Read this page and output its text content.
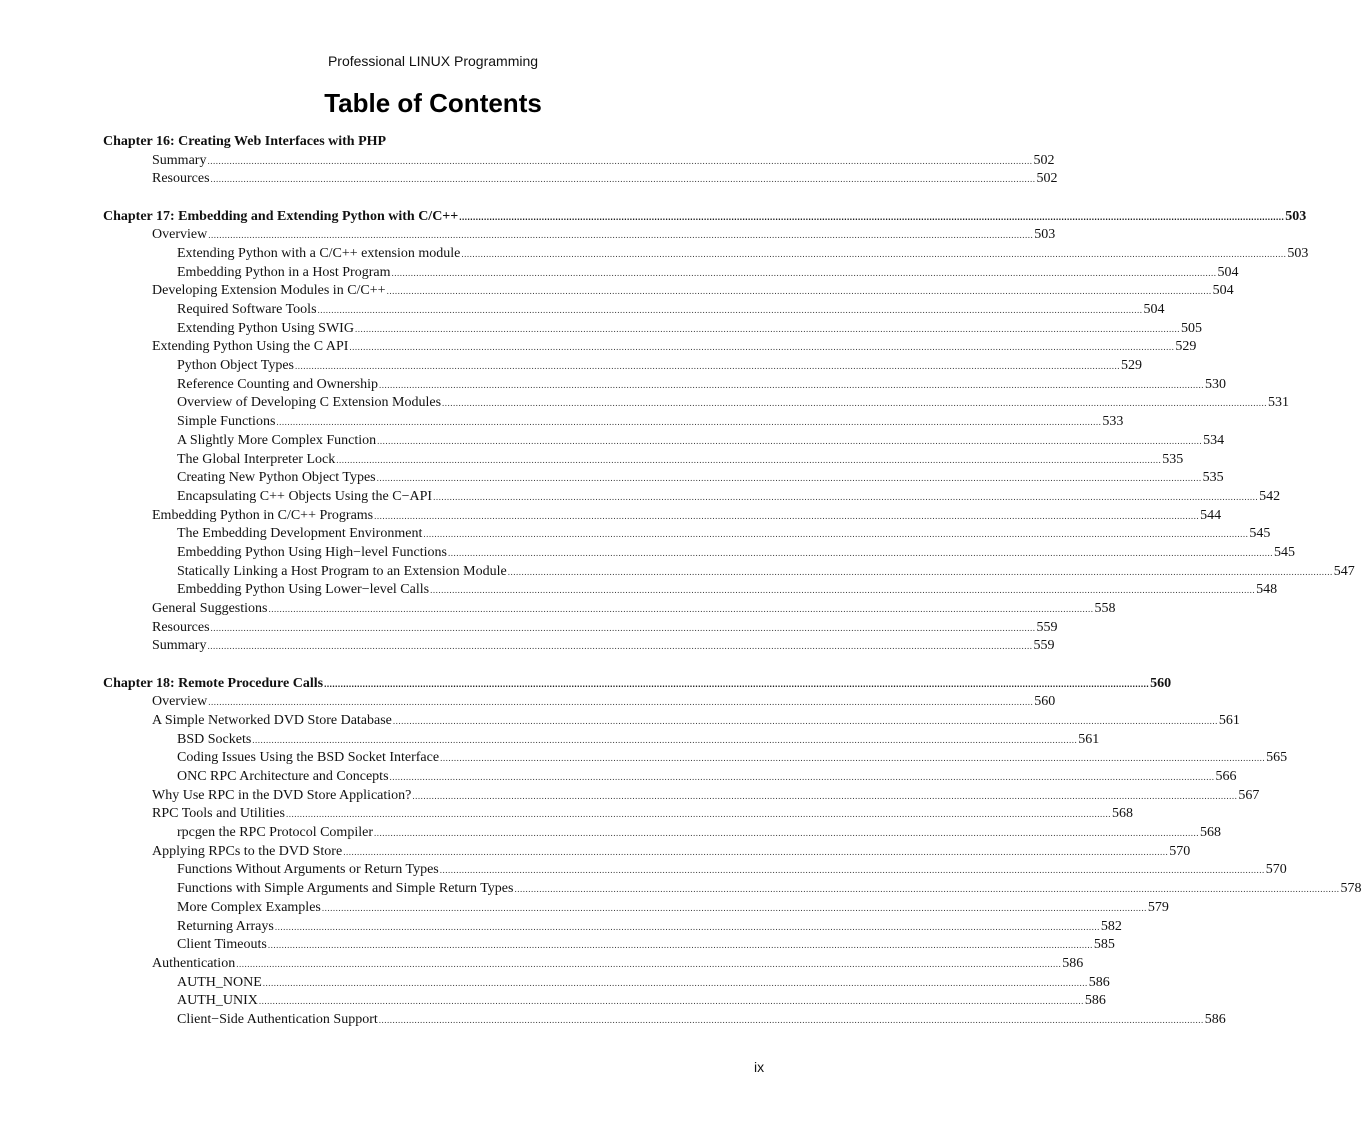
Professional LINUX Programming
Table of Contents
Chapter 16: Creating Web Interfaces with PHP
Summary ............................................................................................................................................................................................................................................................................................................ 502
Resources ............................................................................................................................................................................................................................................................................................................ 502
Chapter 17: Embedding and Extending Python with C/C++ ............................................................................................................................................................................................................................................................................................................ 503
Overview ............................................................................................................................................................................................................................................................................................................ 503
Extending Python with a C/C++ extension module ............................................................................................................................................................................................................................................................................................................ 503
Embedding Python in a Host Program ............................................................................................................................................................................................................................................................................................................ 504
Developing Extension Modules in C/C++ ............................................................................................................................................................................................................................................................................................................ 504
Required Software Tools ............................................................................................................................................................................................................................................................................................................ 504
Extending Python Using SWIG ............................................................................................................................................................................................................................................................................................................ 505
Extending Python Using the C API ............................................................................................................................................................................................................................................................................................................ 529
Python Object Types ............................................................................................................................................................................................................................................................................................................ 529
Reference Counting and Ownership ............................................................................................................................................................................................................................................................................................................ 530
Overview of Developing C Extension Modules ............................................................................................................................................................................................................................................................................................................ 531
Simple Functions ............................................................................................................................................................................................................................................................................................................ 533
A Slightly More Complex Function ............................................................................................................................................................................................................................................................................................................ 534
The Global Interpreter Lock ............................................................................................................................................................................................................................................................................................................ 535
Creating New Python Object Types ............................................................................................................................................................................................................................................................................................................ 535
Encapsulating C++ Objects Using the C−API ............................................................................................................................................................................................................................................................................................................ 542
Embedding Python in C/C++ Programs ............................................................................................................................................................................................................................................................................................................ 544
The Embedding Development Environment ............................................................................................................................................................................................................................................................................................................ 545
Embedding Python Using High−level Functions ............................................................................................................................................................................................................................................................................................................ 545
Statically Linking a Host Program to an Extension Module ............................................................................................................................................................................................................................................................................................................ 547
Embedding Python Using Lower−level Calls ............................................................................................................................................................................................................................................................................................................ 548
General Suggestions ............................................................................................................................................................................................................................................................................................................ 558
Resources ............................................................................................................................................................................................................................................................................................................ 559
Summary ............................................................................................................................................................................................................................................................................................................ 559
Chapter 18: Remote Procedure Calls ............................................................................................................................................................................................................................................................................................................ 560
Overview ............................................................................................................................................................................................................................................................................................................ 560
A Simple Networked DVD Store Database ............................................................................................................................................................................................................................................................................................................ 561
BSD Sockets ............................................................................................................................................................................................................................................................................................................ 561
Coding Issues Using the BSD Socket Interface ............................................................................................................................................................................................................................................................................................................ 565
ONC RPC Architecture and Concepts ............................................................................................................................................................................................................................................................................................................ 566
Why Use RPC in the DVD Store Application? ............................................................................................................................................................................................................................................................................................................ 567
RPC Tools and Utilities ............................................................................................................................................................................................................................................................................................................ 568
rpcgen the RPC Protocol Compiler ............................................................................................................................................................................................................................................................................................................ 568
Applying RPCs to the DVD Store ............................................................................................................................................................................................................................................................................................................ 570
Functions Without Arguments or Return Types ............................................................................................................................................................................................................................................................................................................ 570
Functions with Simple Arguments and Simple Return Types ............................................................................................................................................................................................................................................................................................................ 578
More Complex Examples ............................................................................................................................................................................................................................................................................................................ 579
Returning Arrays ............................................................................................................................................................................................................................................................................................................ 582
Client Timeouts ............................................................................................................................................................................................................................................................................................................ 585
Authentication ............................................................................................................................................................................................................................................................................................................ 586
AUTH_NONE ............................................................................................................................................................................................................................................................................................................ 586
AUTH_UNIX ............................................................................................................................................................................................................................................................................................................ 586
Client−Side Authentication Support ............................................................................................................................................................................................................................................................................................................ 586
ix
